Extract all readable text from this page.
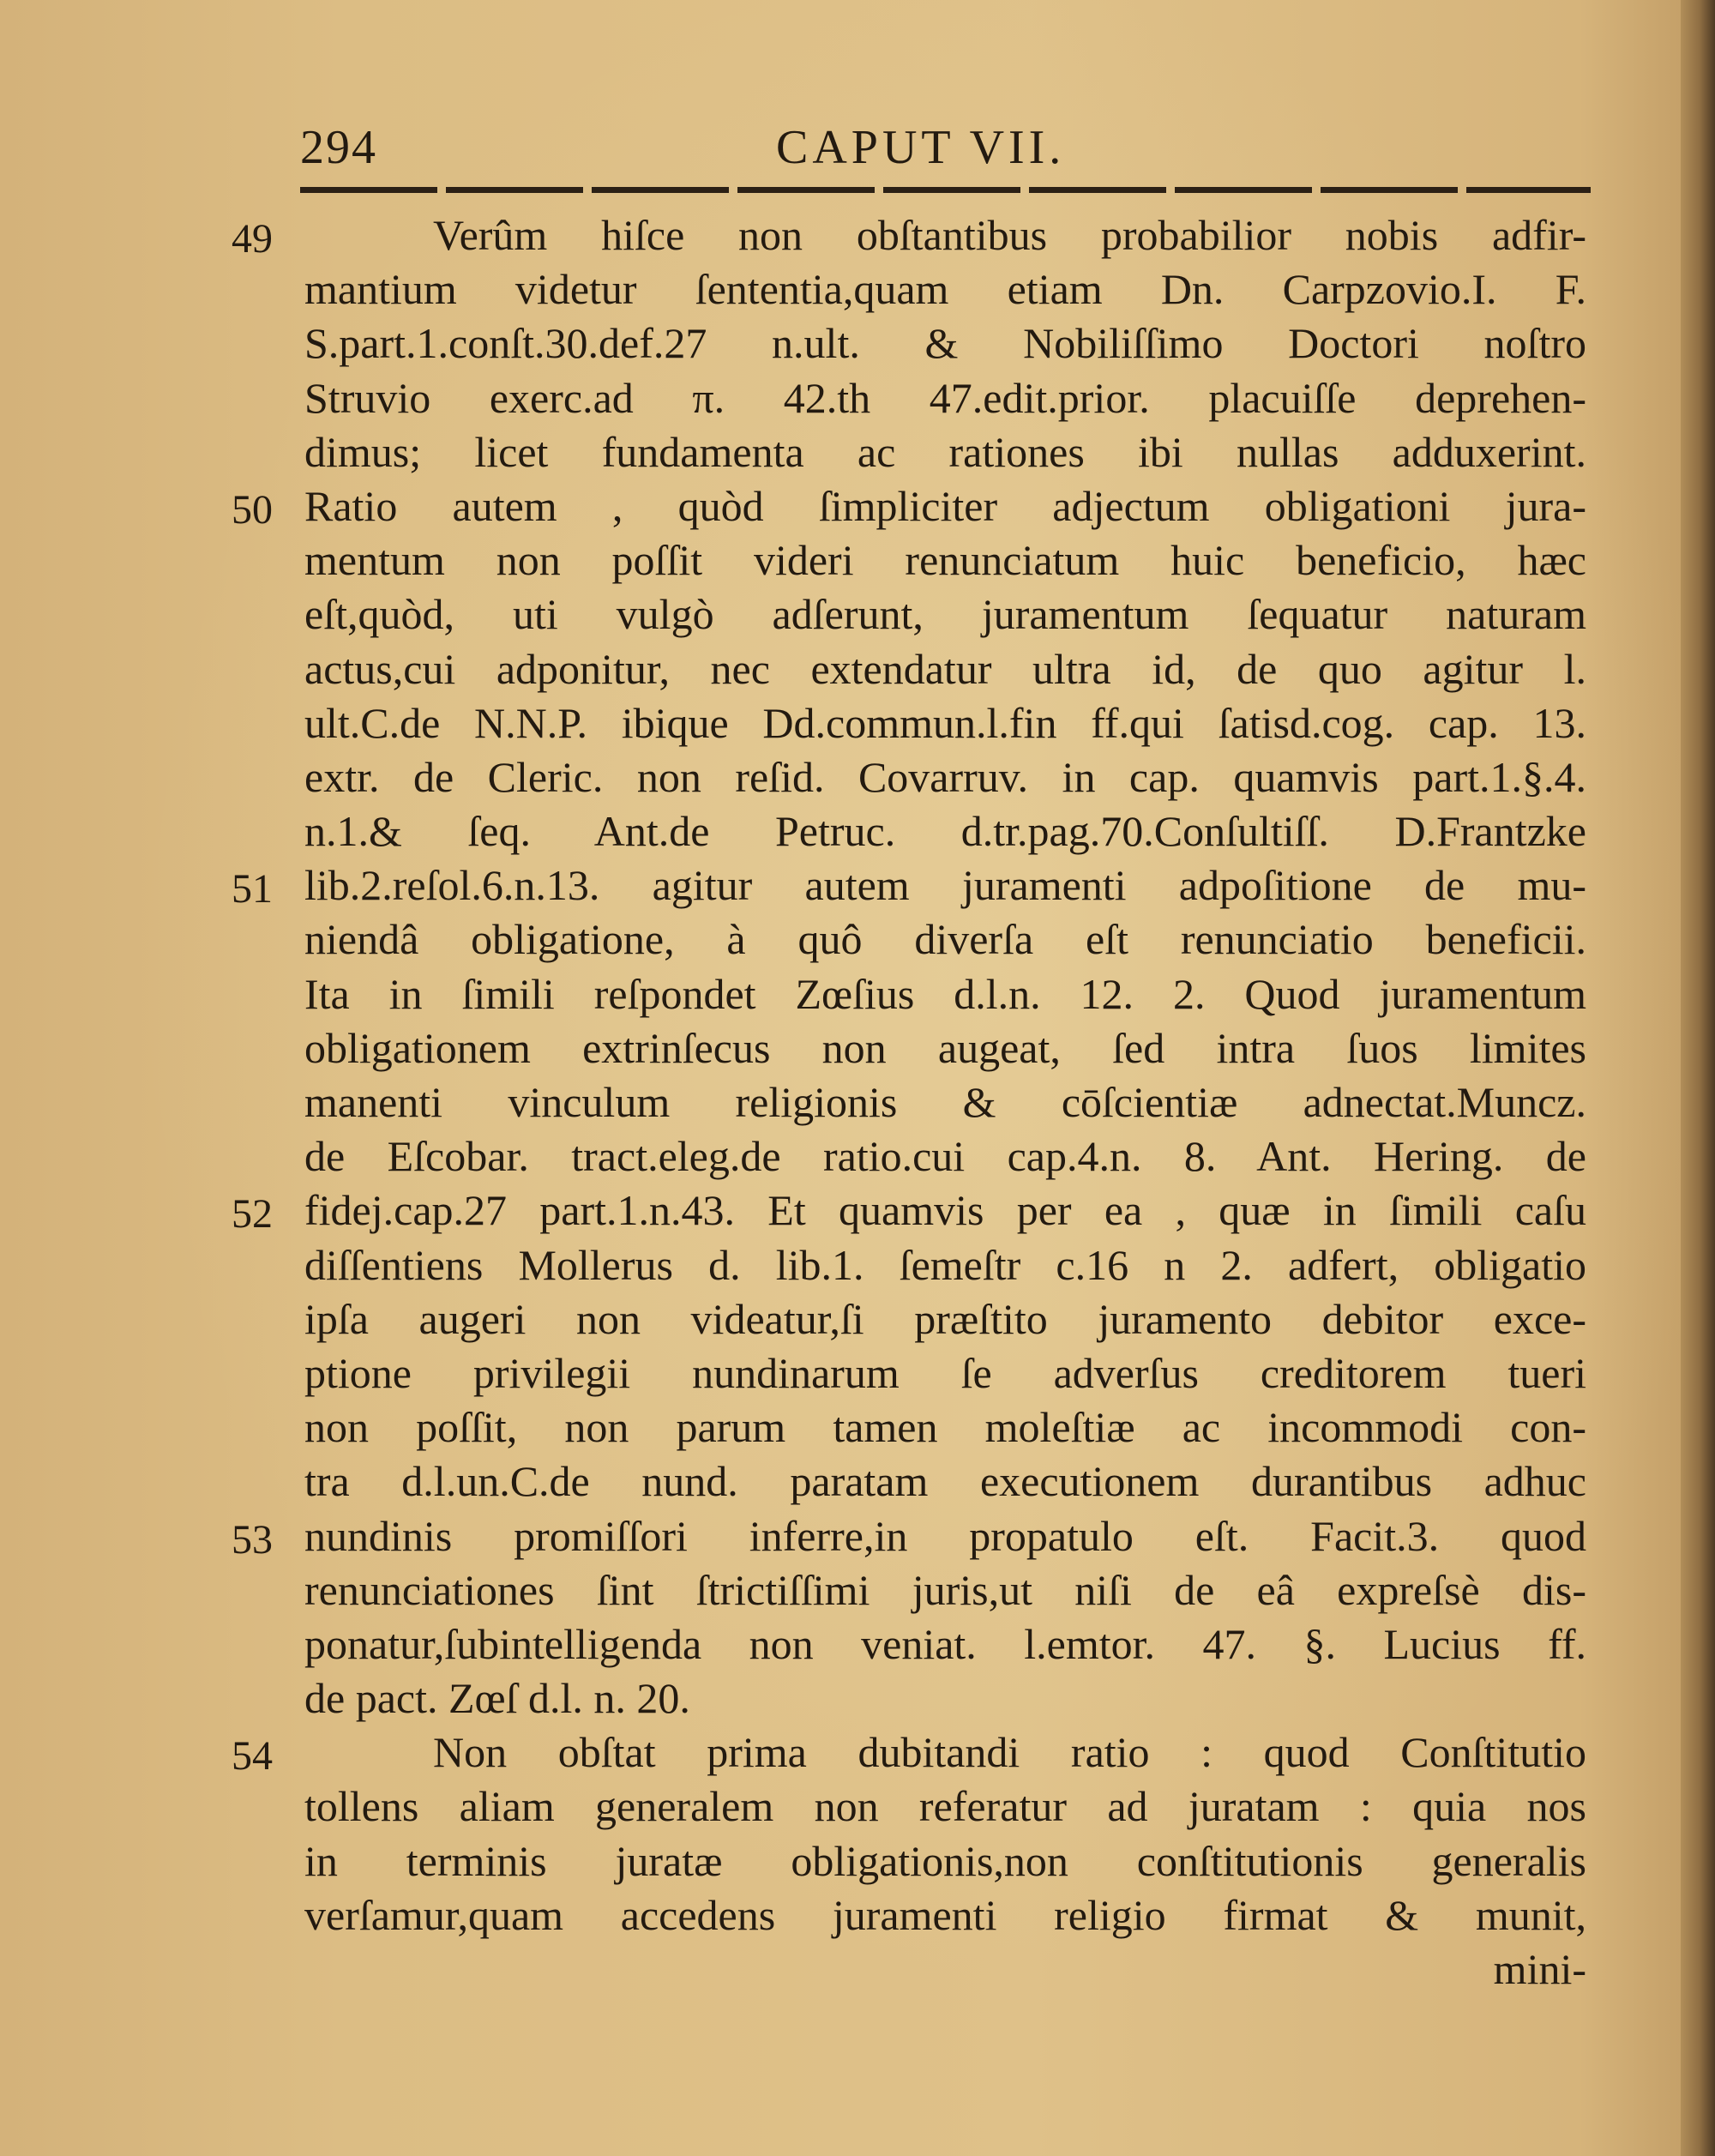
294	CAPUT VII.
49	Verûm hiſce non obſtantibus probabilior nobis adfir-
mantium videtur ſententia,quam etiam Dn. Carpzovio.I. F.
S.part.1.conſt.30.def.27 n.ult. & Nobiliſſimo Doctori noſtro
Struvio exerc.ad π. 42.th 47.edit.prior. placuiſſe deprehen-
dimus; licet fundamenta ac rationes ibi nullas adduxerint.
50 Ratio autem , quòd ſimpliciter adjectum obligationi jura-
mentum non poſſit videri renunciatum huic beneficio, hæc
eſt,quòd, uti vulgò adſerunt, juramentum ſequatur naturam
actus,cui adponitur, nec extendatur ultra id, de quo agitur l.
ult.C.de N.N.P. ibique Dd.commun.l.fin ff.qui ſatisd.cog. cap. 13.
extr. de Cleric. non reſid. Covarruv. in cap. quamvis part.1.§.4.
n.1.& ſeq. Ant.de Petruc. d.tr.pag.70.Conſultiſſ. D.Frantzke
51 lib.2.reſol.6.n.13. agitur autem juramenti adpoſitione de mu-
niendâ obligatione, à quô diverſa eſt renunciatio beneficii.
Ita in ſimili reſpondet Zœſius d.l.n. 12. 2. Quod juramentum
obligationem extrinſecus non augeat, ſed intra ſuos limites
manenti vinculum religionis & cōſcientiæ adnectat.Muncz.
de Eſcobar. tract.eleg.de ratio.cui cap.4.n. 8. Ant. Hering. de
52 fidej.cap.27 part.1.n.43. Et quamvis per ea , quæ in ſimili caſu
diſſentiens Mollerus d. lib.1. ſemeſtr c.16 n 2. adfert, obligatio
ipſa augeri non videatur,ſi præſtito juramento debitor exce-
ptione privilegii nundinarum ſe adverſus creditorem tueri
non poſſit, non parum tamen moleſtiæ ac incommodi con-
tra d.l.un.C.de nund. paratam executionem durantibus adhuc
53 nundinis promiſſori inferre,in propatulo eſt. Facit.3. quod
renunciationes ſint ſtrictiſſimi juris,ut niſi de eâ expreſsè dis-
ponatur,ſubintelligenda non veniat. l.emtor. 47. §. Lucius ff.
de pact. Zœſ d.l. n. 20.
54	Non obſtat prima dubitandi ratio : quod Conſtitutio
tollens aliam generalem non referatur ad juratam : quia nos
in terminis juratæ obligationis,non conſtitutionis generalis
verſamur,quam accedens juramenti religio firmat & munit,
mini-
